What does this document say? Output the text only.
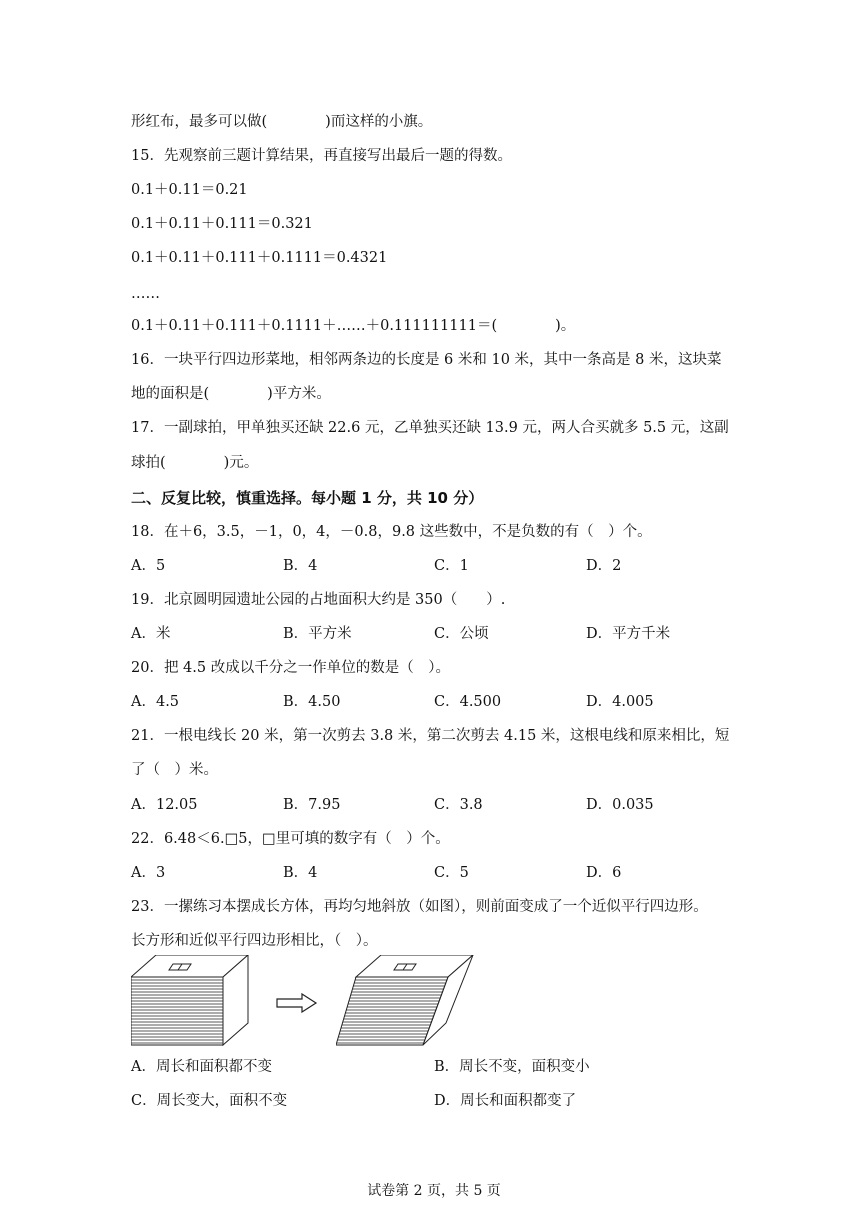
形红布，最多可以做(　　　　)而这样的小旗。
15．先观察前三题计算结果，再直接写出最后一题的得数。
0.1＋0.11＝0.21
0.1＋0.11＋0.111＝0.321
0.1＋0.11＋0.111＋0.1111＝0.4321
……
0.1＋0.11＋0.111＋0.1111＋……＋0.111111111＝(　　　　)。
16．一块平行四边形菜地，相邻两条边的长度是 6 米和 10 米，其中一条高是 8 米，这块菜
地的面积是(　　　　)平方米。
17．一副球拍，甲单独买还缺 22.6 元，乙单独买还缺 13.9 元，两人合买就多 5.5 元，这副
球拍(　　　　)元。
二、反复比较，慎重选择。每小题 1 分，共 10 分）
18．在＋6，3.5，－1，0，4，－0.8，9.8 这些数中，不是负数的有（　）个。
A．5	B．4	C．1	D．2
19．北京圆明园遗址公园的占地面积大约是 350（　　）.
A．米	B．平方米	C．公顷	D．平方千米
20．把 4.5 改成以千分之一作单位的数是（　）。
A．4.5	B．4.50	C．4.500	D．4.005
21．一根电线长 20 米，第一次剪去 3.8 米，第二次剪去 4.15 米，这根电线和原来相比，短
了（　）米。
A．12.05	B．7.95	C．3.8	D．0.035
22．6.48＜6.□5，□里可填的数字有（　）个。
A．3	B．4	C．5	D．6
23．一摞练习本摆成长方体，再均匀地斜放（如图），则前面变成了一个近似平行四边形。
长方形和近似平行四边形相比，（　）。
A．周长和面积都不变	B．周长不变，面积变小
C．周长变大，面积不变	D．周长和面积都变了
试卷第 2 页，共 5 页
